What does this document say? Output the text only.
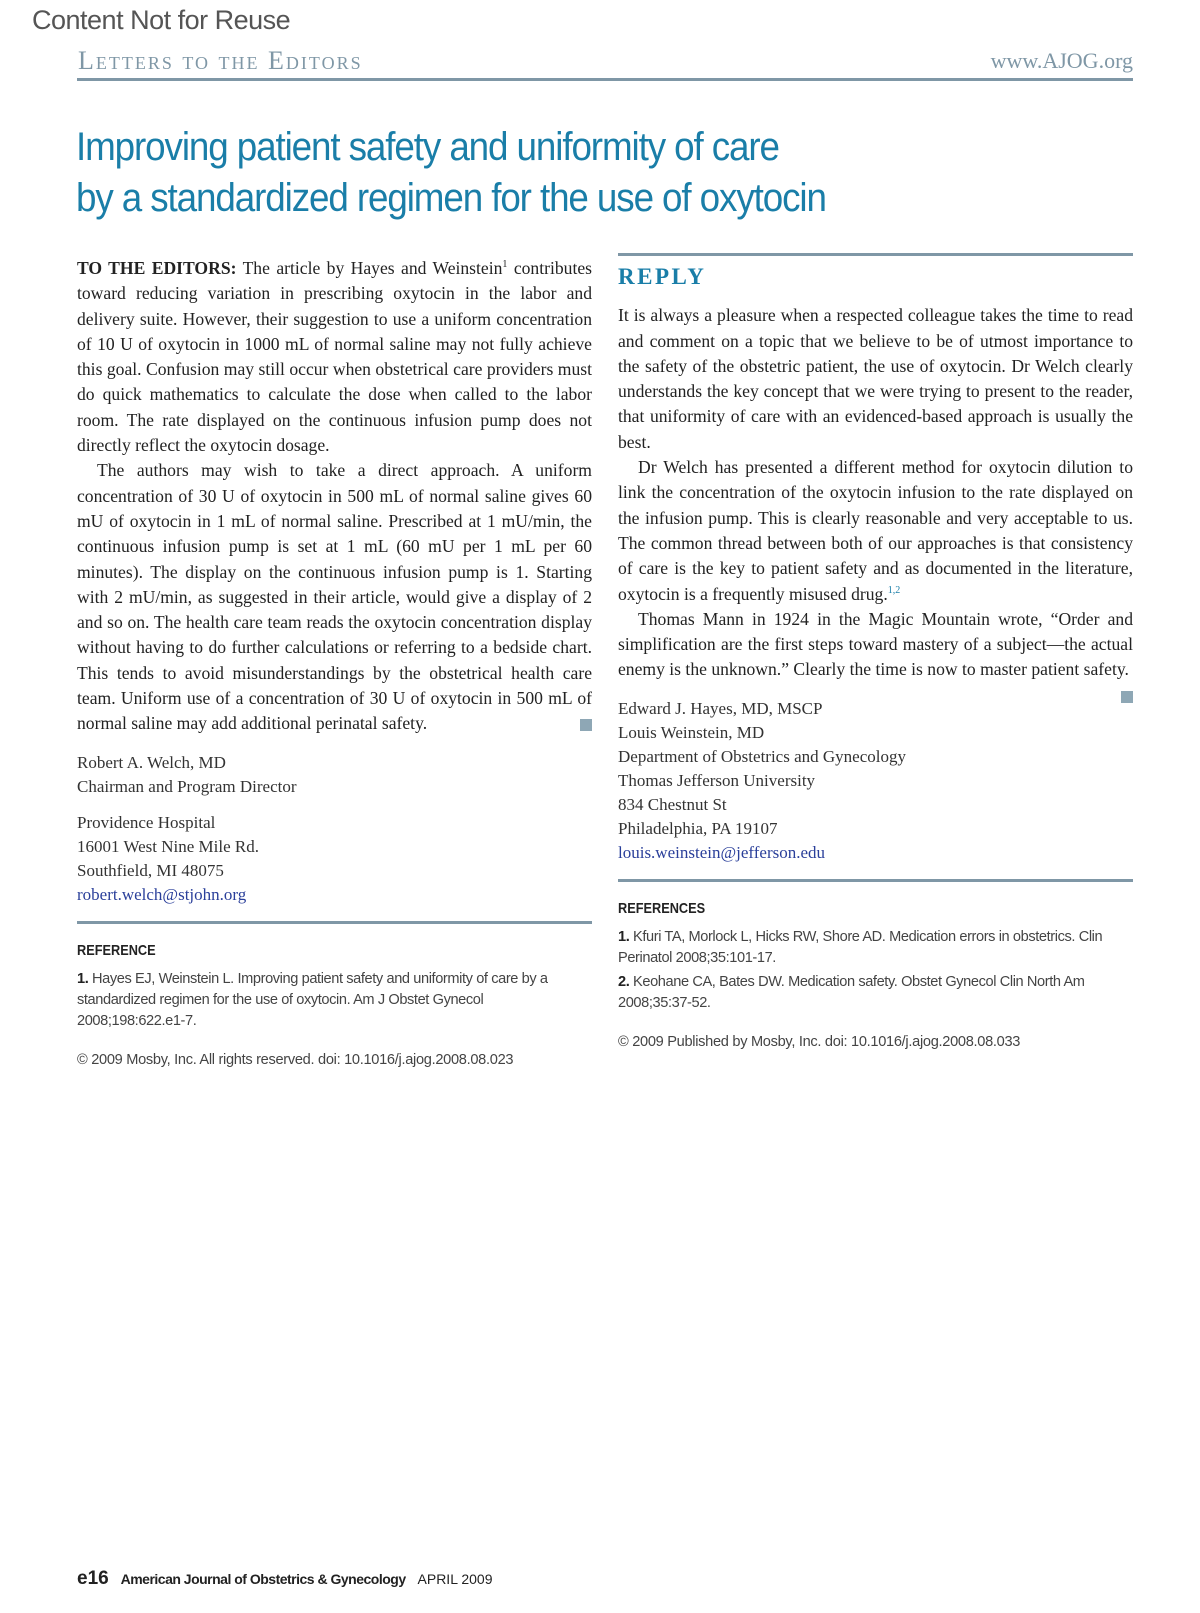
Content Not for Reuse
Letters to the Editors	www.AJOG.org
Improving patient safety and uniformity of care
by a standardized regimen for the use of oxytocin

TO THE EDITORS: The article by Hayes and Weinstein$^1$ contributes toward reducing variation in prescribing oxytocin in the labor and delivery suite. However, their suggestion to use a uniform concentration of 10 U of oxytocin in 1000 mL of normal saline may not fully achieve this goal. Confusion may still occur when obstetrical care providers must do quick mathematics to calculate the dose when called to the labor room. The rate displayed on the continuous infusion pump does not directly reflect the oxytocin dosage.

The authors may wish to take a direct approach. A uniform concentration of 30 U of oxytocin in 500 mL of normal saline gives 60 mU of oxytocin in 1 mL of normal saline. Prescribed at 1 mU/min, the continuous infusion pump is set at 1 mL (60 mU per 1 mL per 60 minutes). The display on the continuous infusion pump is 1. Starting with 2 mU/min, as suggested in their article, would give a display of 2 and so on. The health care team reads the oxytocin concentration display without having to do further calculations or referring to a bedside chart. This tends to avoid misunderstandings by the obstetrical health care team. Uniform use of a concentration of 30 U of oxytocin in 500 mL of normal saline may add additional perinatal safety.

Robert A. Welch, MD
Chairman and Program Director
Providence Hospital
16001 West Nine Mile Rd.
Southfield, MI 48075
robert.welch@stjohn.org
REFERENCE
1. Hayes EJ, Weinstein L. Improving patient safety and uniformity of care by a standardized regimen for the use of oxytocin. Am J Obstet Gynecol 2008;198:622.e1-7.
© 2009 Mosby, Inc. All rights reserved. doi: 10.1016/j.ajog.2008.08.023
REPLY

It is always a pleasure when a respected colleague takes the time to read and comment on a topic that we believe to be of utmost importance to the safety of the obstetric patient, the use of oxytocin. Dr Welch clearly understands the key concept that we were trying to present to the reader, that uniformity of care with an evidenced-based approach is usually the best.

Dr Welch has presented a different method for oxytocin dilution to link the concentration of the oxytocin infusion to the rate displayed on the infusion pump. This is clearly reasonable and very acceptable to us. The common thread between both of our approaches is that consistency of care is the key to patient safety and as documented in the literature, oxytocin is a frequently misused drug.$^{1,2}$

Thomas Mann in 1924 in the Magic Mountain wrote, “Order and simplification are the first steps toward mastery of a subject—the actual enemy is the unknown.” Clearly the time is now to master patient safety.

Edward J. Hayes, MD, MSCP
Louis Weinstein, MD
Department of Obstetrics and Gynecology
Thomas Jefferson University
834 Chestnut St
Philadelphia, PA 19107
louis.weinstein@jefferson.edu
REFERENCES
1. Kfuri TA, Morlock L, Hicks RW, Shore AD. Medication errors in obstetrics. Clin Perinatol 2008;35:101-17.
2. Keohane CA, Bates DW. Medication safety. Obstet Gynecol Clin North Am 2008;35:37-52.
© 2009 Published by Mosby, Inc. doi: 10.1016/j.ajog.2008.08.033
e16 American Journal of Obstetrics & Gynecology APRIL 2009
